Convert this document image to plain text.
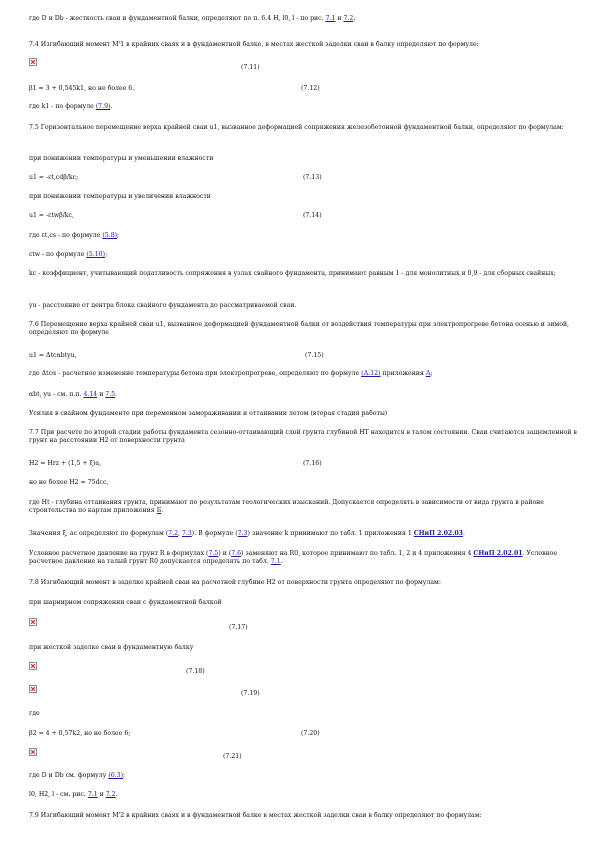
где D и Db - жесткость сваи и фундаментной балки, определяют по п. 6.4 H, l0, l - по рис. 7.1 и 7.2.

7.4 Изгибающий момент M'1 в крайних сваях и в фундаментной балке, в местах жесткой заделки сваи в балку определяют по формуле:

(7.11)

β1 = 3 + 0,545k1, но не более 6.	(7.12)

где k1 - по формуле (7.9).

7.5 Горизонтальное перемещение верха крайней сваи u1, вызванное деформацией сопряжения железобетонной фундаментной балки, определяют по формулам:

при понижении температуры и уменьшении влажности

u1 = -εt,cdβ/kc;	(7.13)

при понижении температуры и увеличении влажности

u1 = -εtwβ/kc,	(7.14)

где εt,cs - по формуле (5.8);

εtw - по формуле (5.10);

kc - коэффициент, учитывающий податливость сопряжения в узлах свайного фундамента, принимают равным 1 - для монолитных и 0,9 - для сборных свайных;

yu - расстояние от центра блока свайного фундамента до рассматриваемой сваи.

7.6 Перемещение верха крайней сваи u1, вызванное деформацией фундаментной балки от воздействия температуры при электропрогреве бетона осенью и зимой, определяют по формуле

u1 = Δtcαbtyu,	(7.15)

где Δtcα - расчетное изменение температуры бетона при электропрогреве, определяют по формуле (А.12) приложения А;

αbt, yu - см. п.п. 4.14 и 7.5.

Усилия в свайном фундаменте при переменном замораживании и оттаивании летом (вторая стадия работы)

7.7 При расчете по второй стадии работы фундамента сезонно-оттаивающий слой грунта глубиной HT находится в талом состоянии. Сваи считаются защемленной в грунт на расстоянии H2 от поверхности грунта

H2 = Hrz + (1,5 + ξ)a,	(7.16)

но не более H2 = 75dcc,

где Ht - глубина оттаивания грунта, принимают по результатам геологических изысканий. Допускается определять в зависимости от вида грунта в районе строительства по картам приложения Б.

Значения ξ, ас определяют по формулам (7.2, 7.3). В формуле (7.3) значение k принимают по табл. 1 приложения 1 СНиП 2.02.03.

Условное расчетное давление на грунт R в формулах (7.5) и (7.6) заменяют на R0, которое принимают по табл. 1, 2 и 4 приложения 4 СНиП 2.02.01. Условное расчетное давление на талый грунт R0 допускается определять по табл. 7.1.

7.8 Изгибающий момент в заделке крайней сваи на расчетной глубине H2 от поверхности грунта определяют по формулам:

при шарнирном сопряжении сваи с фундаментной балкой

(7.17)

при жесткой заделке сваи в фундаментную балку

(7.18)
(7.19)

где

β2 = 4 + 0,57k2, но не более 6;	(7.20)
(7.21)

где D и Db см. формулу (6.3);

l0, H2, l - см. рис. 7.1 и 7.2.

7.9 Изгибающий момент M'2 в крайних сваях и в фундаментной балке в местах жесткой заделки сваи в балку определяют по формулам:
